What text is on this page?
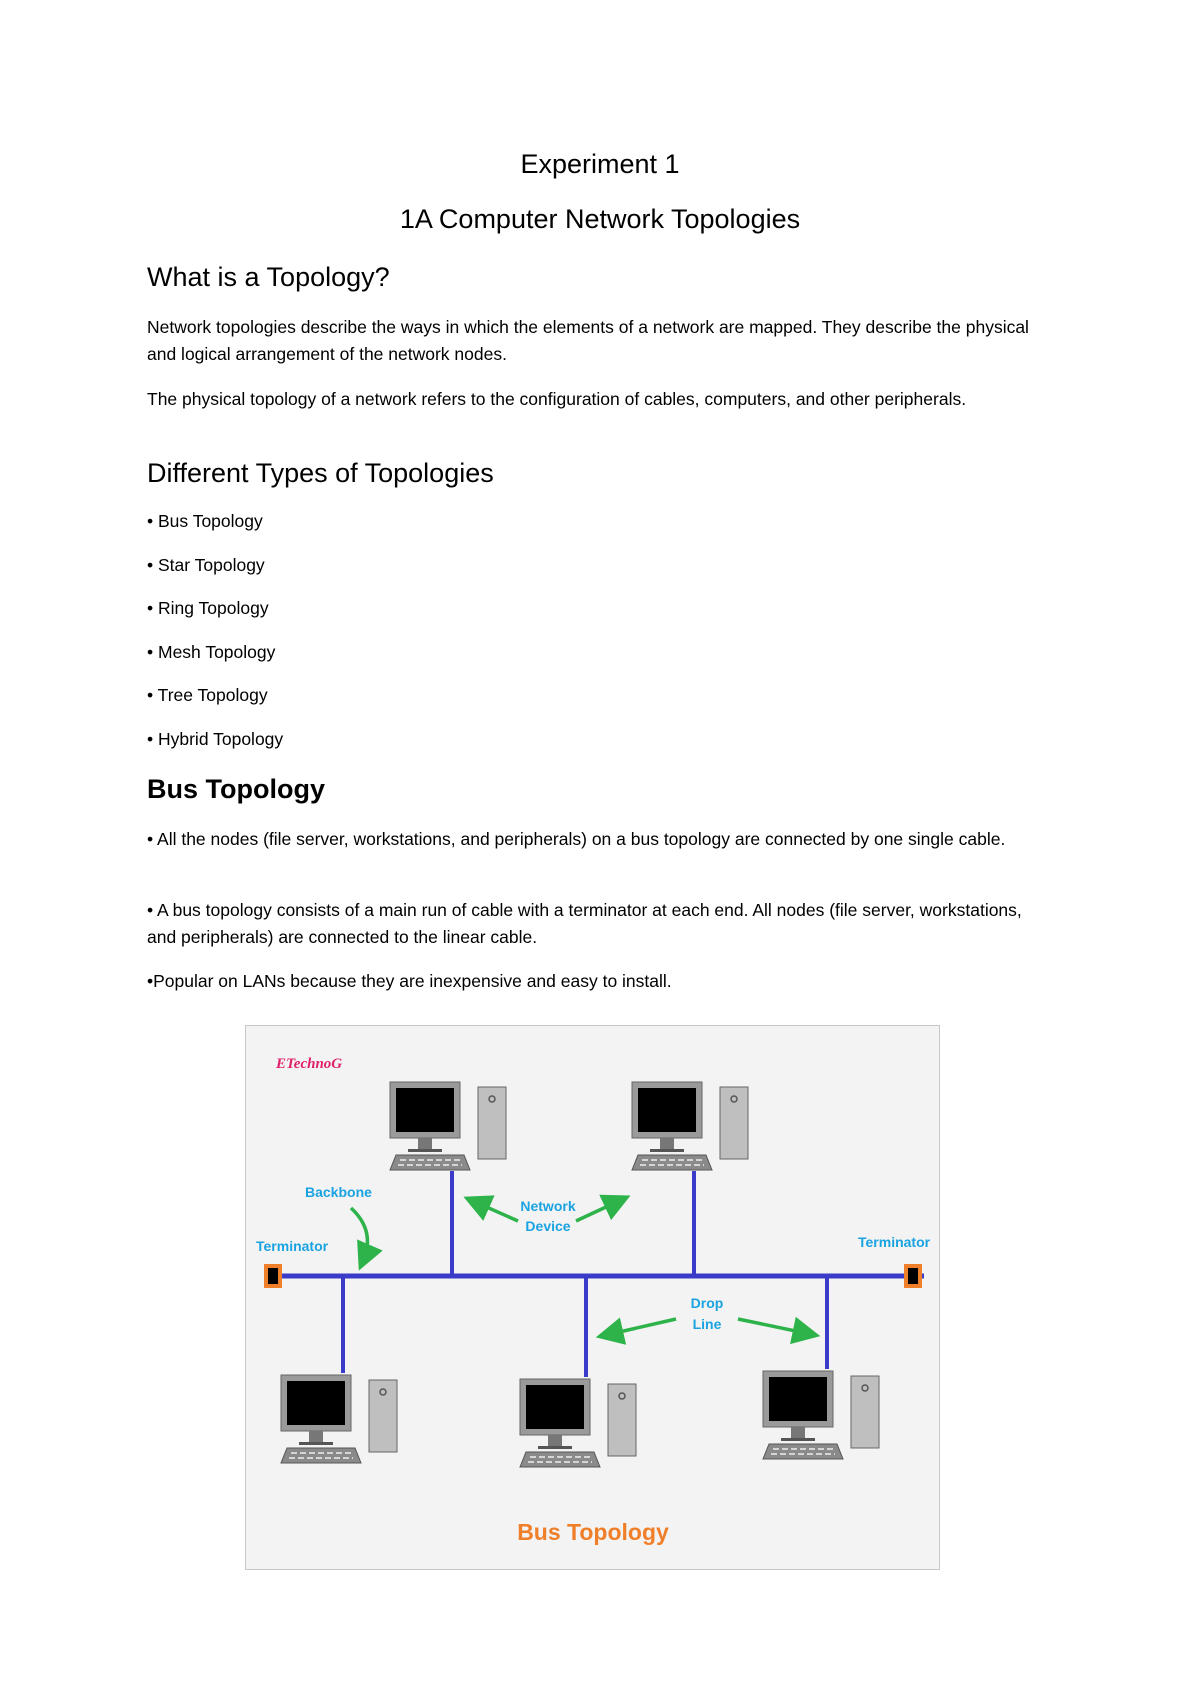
Experiment 1
1A Computer Network Topologies
What is a Topology?
Network topologies describe the ways in which the elements of a network are mapped. They describe the physical and logical arrangement of the network nodes.
The physical topology of a network refers to the configuration of cables, computers, and other peripherals.
Different Types of Topologies
• Bus Topology
• Star Topology
• Ring Topology
• Mesh Topology
• Tree Topology
• Hybrid Topology
Bus Topology
• All the nodes (file server, workstations, and peripherals) on a bus topology are connected by one single cable.
• A bus topology consists of a main run of cable with a terminator at each end. All nodes (file server, workstations, and peripherals) are connected to the linear cable.
•Popular on LANs because they are inexpensive and easy to install.
ETechnoG
Backbone
Terminator	Terminator
Network
Device
Drop
Line
Bus Topology
